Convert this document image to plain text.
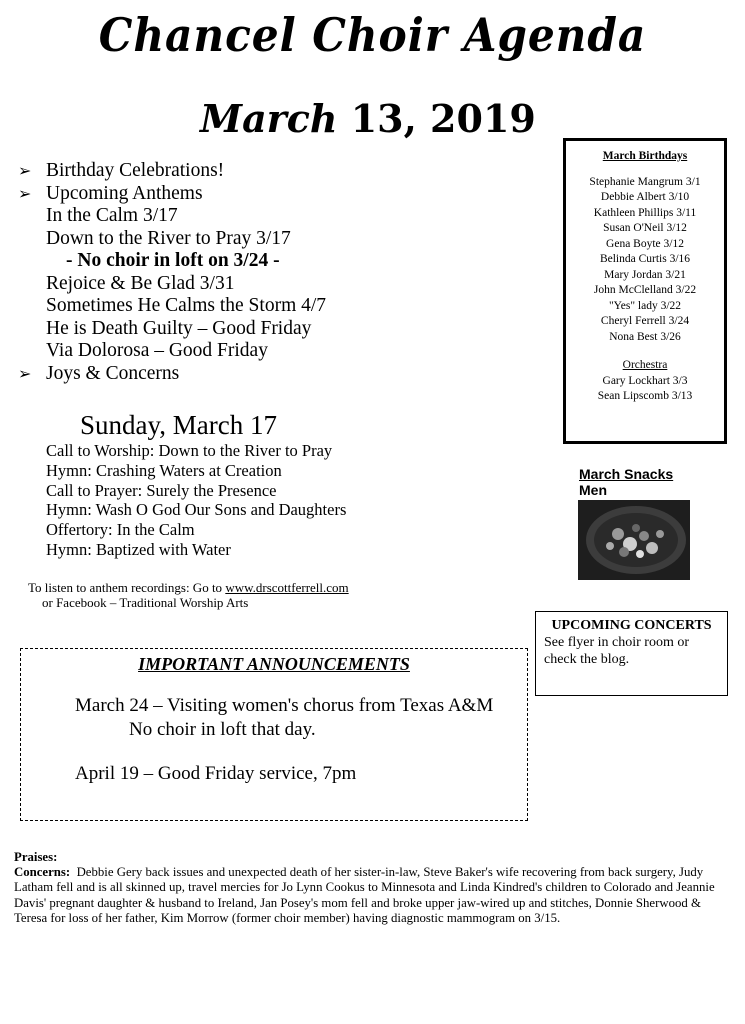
Chancel Choir Agenda
March 13, 2019
➢ Birthday Celebrations!
➢ Upcoming Anthems
In the Calm 3/17
Down to the River to Pray 3/17
- No choir in loft on 3/24 -
Rejoice & Be Glad 3/31
Sometimes He Calms the Storm 4/7
He is Death Guilty – Good Friday
Via Dolorosa – Good Friday
➢ Joys & Concerns
Sunday, March 17
Call to Worship: Down to the River to Pray
Hymn: Crashing Waters at Creation
Call to Prayer: Surely the Presence
Hymn: Wash O God Our Sons and Daughters
Offertory: In the Calm
Hymn: Baptized with Water
To listen to anthem recordings: Go to www.drscottferrell.com
or Facebook – Traditional Worship Arts
March Birthdays
Stephanie Mangrum 3/1
Debbie Albert 3/10
Kathleen Phillips 3/11
Susan O'Neil 3/12
Gena Boyte 3/12
Belinda Curtis 3/16
Mary Jordan 3/21
John McClelland 3/22
"Yes" lady 3/22
Cheryl Ferrell 3/24
Nona Best 3/26
Orchestra
Gary Lockhart 3/3
Sean Lipscomb 3/13
March Snacks
Men
UPCOMING CONCERTS
See flyer in choir room or
check the blog.
IMPORTANT ANNOUNCEMENTS
March 24 – Visiting women's chorus from Texas A&M
No choir in loft that day.
April 19 – Good Friday service, 7pm
Praises:
Concerns: Debbie Gery back issues and unexpected death of her sister-in-law, Steve Baker's wife recovering from back surgery, Judy Latham fell and is all skinned up, travel mercies for Jo Lynn Cookus to Minnesota and Linda Kindred's children to Colorado and Jeannie Davis' pregnant daughter & husband to Ireland, Jan Posey's mom fell and broke upper jaw-wired up and stitches, Donnie Sherwood & Teresa for loss of her father, Kim Morrow (former choir member) having diagnostic mammogram on 3/15.
